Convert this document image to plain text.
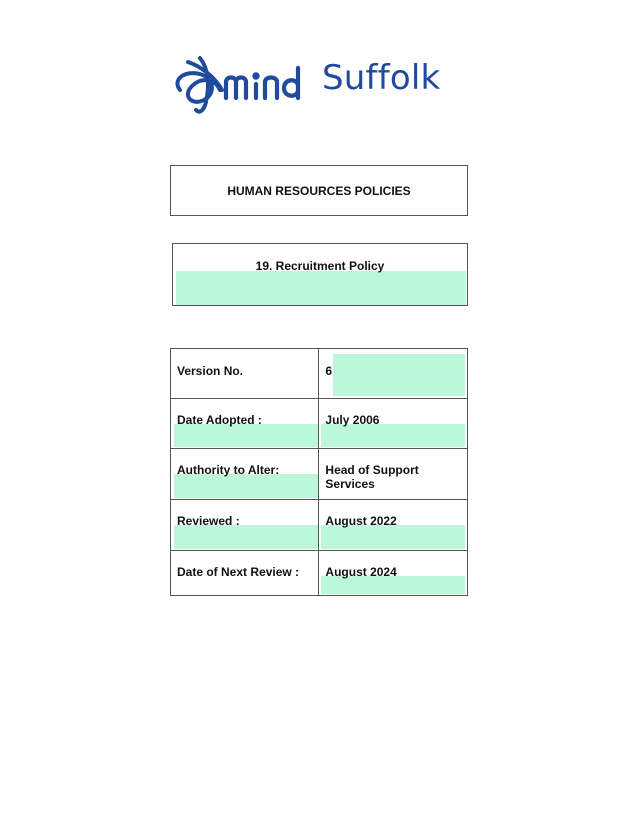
Suffolk
HUMAN RESOURCES POLICIES
19. Recruitment Policy
Version No.	6

Date Adopted :	July 2006

Authority to Alter:	Head of Support Services

Reviewed :	August 2022

Date of Next Review :	August 2024
